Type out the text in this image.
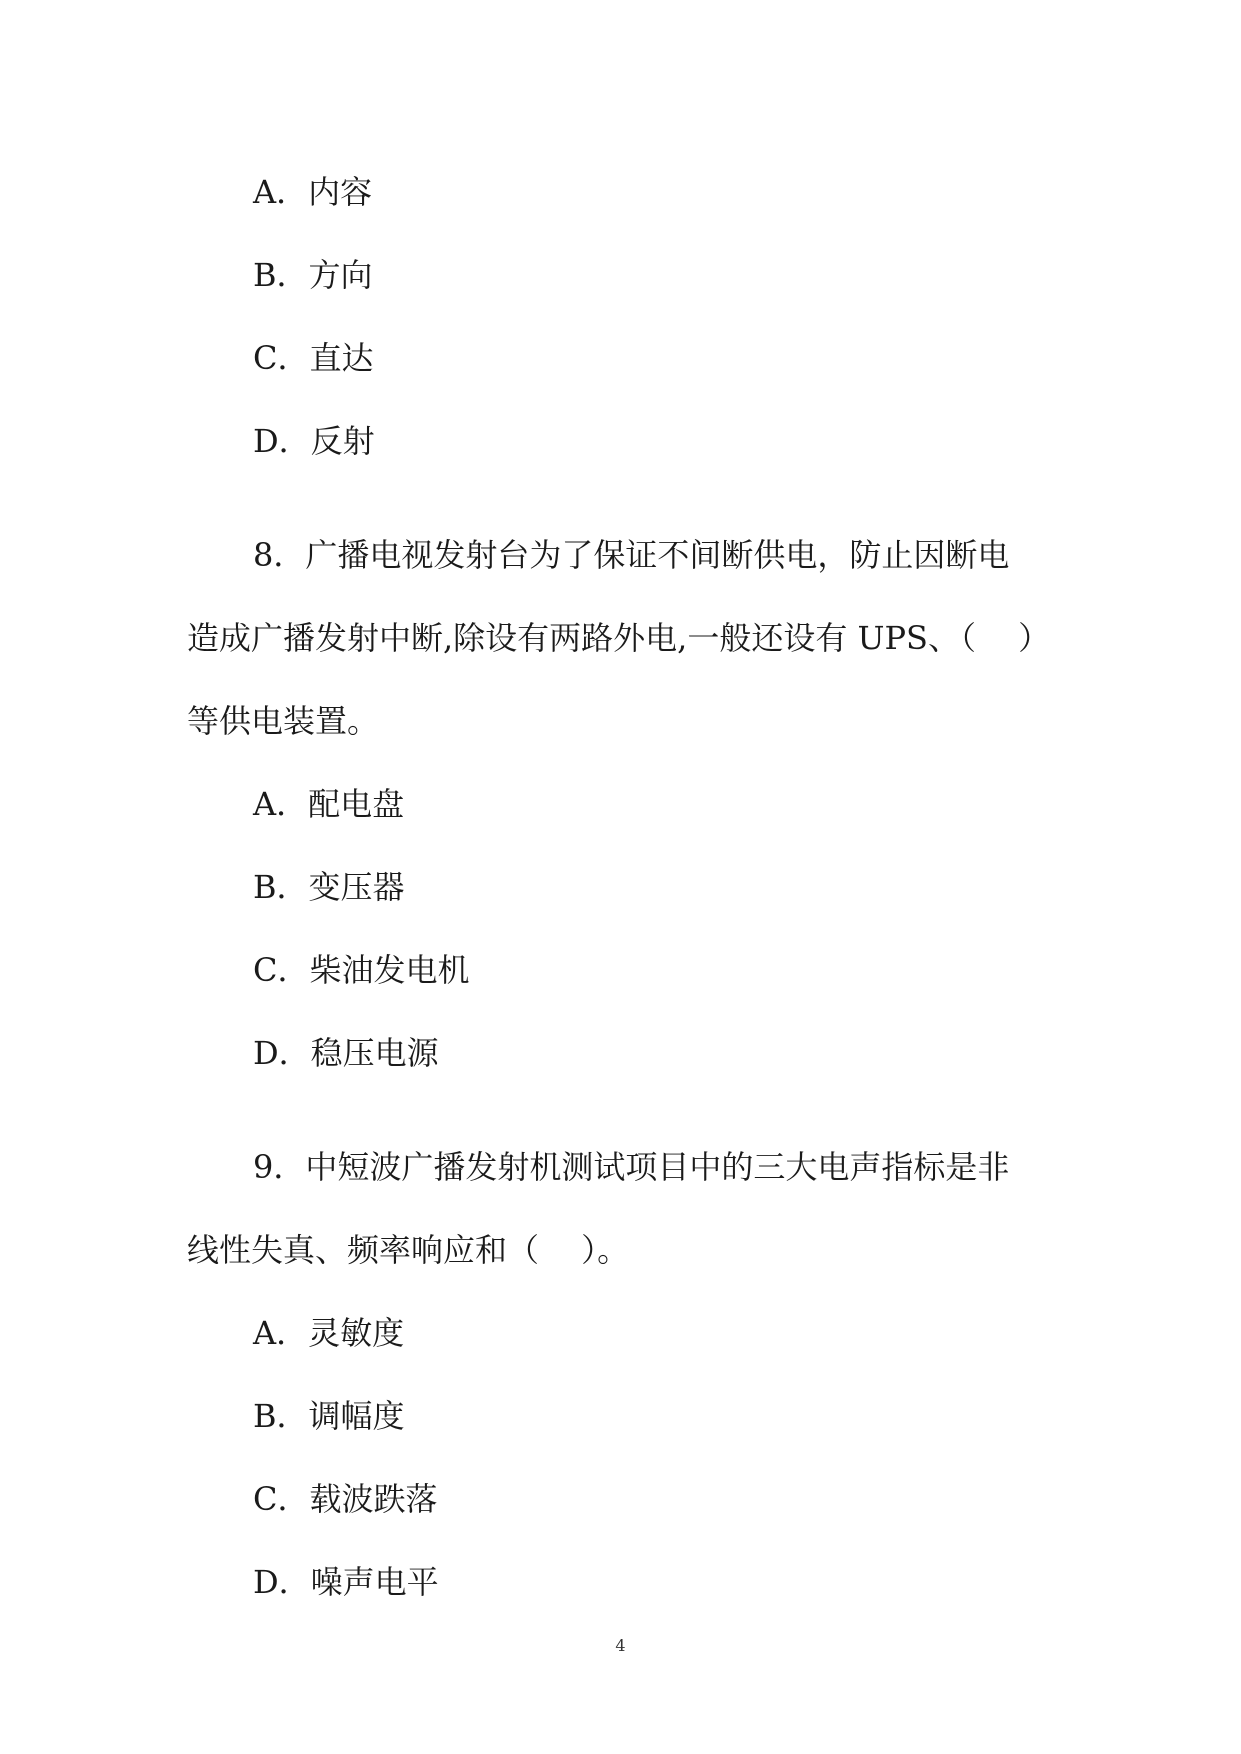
A．内容
B．方向
C．直达
D．反射
8．广播电视发射台为了保证不间断供电，防止因断电
造成广播发射中断,除设有两路外电,一般还设有 UPS、（　 ）
等供电装置。
A．配电盘
B．变压器
C．柴油发电机
D．稳压电源
9．中短波广播发射机测试项目中的三大电声指标是非
线性失真、频率响应和（　 ）。
A．灵敏度
B．调幅度
C．载波跌落
D．噪声电平
4
